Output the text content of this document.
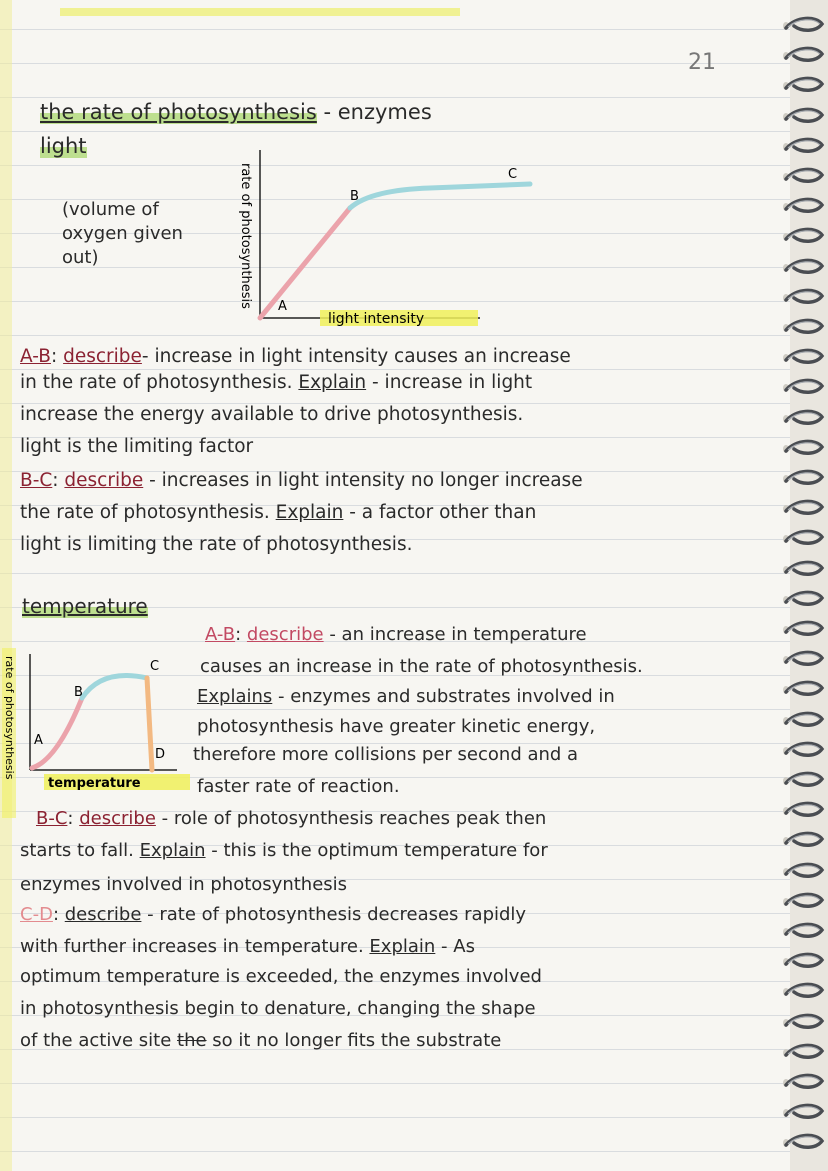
21
the rate of photosynthesis - enzymes
light
(volume of
oxygen given
out)	rate of photosynthesis A
B
C
light intensity
A-B: describe- increase in light intensity causes an increase
in the rate of photosynthesis. Explain - increase in light
increase the energy available to drive photosynthesis.
light is the limiting factor
B-C: describe - increases in light intensity no longer increase
the rate of photosynthesis. Explain - a factor other than
light is limiting the rate of photosynthesis.
temperature
rate of photosynthesis A
B
C
D
temperature
A-B: describe - an increase in temperature
causes an increase in the rate of photosynthesis.
Explains - enzymes and substrates involved in
photosynthesis have greater kinetic energy,
therefore more collisions per second and a
faster rate of reaction.
B-C: describe - role of photosynthesis reaches peak then
starts to fall. Explain - this is the optimum temperature for
enzymes involved in photosynthesis
C-D: describe - rate of photosynthesis decreases rapidly
with further increases in temperature. Explain - As
optimum temperature is exceeded, the enzymes involved
in photosynthesis begin to denature, changing the shape
of the active site the so it no longer fits the substrate
